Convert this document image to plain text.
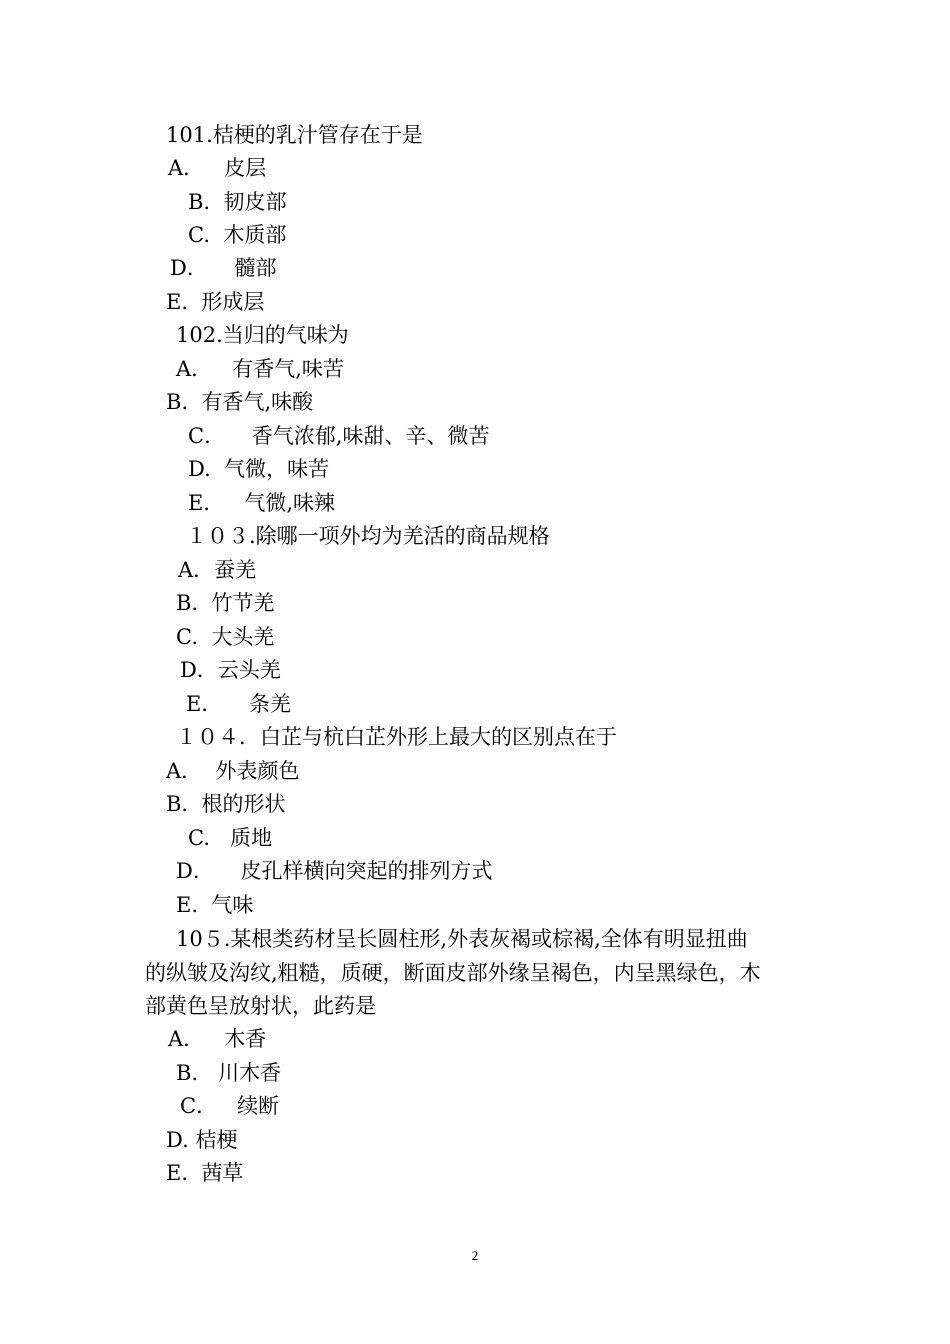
101.桔梗的乳汁管存在于是
A．   皮层
B.  韧皮部
C.  木质部
D．    髓部
E.  形成层
102.当归的气味为
A．   有香气,味苦
B.  有香气,味酸
C．    香气浓郁,味甜、辛、微苦
D.  气微，味苦
E．   气微,味辣
１０３.除哪一项外均为羌活的商品规格
A．蚕羌
B.  竹节羌
C.  大头羌
D．云头羌
E．    条羌
１０４．白芷与杭白芷外形上最大的区别点在于
A．  外表颜色
B.  根的形状
C.   质地
D．    皮孔样横向突起的排列方式
E.  气味
10５.某根类药材呈长圆柱形,外表灰褐或棕褐,全体有明显扭曲
的纵皱及沟纹,粗糙，质硬，断面皮部外缘呈褐色，内呈黑绿色，木
部黄色呈放射状，此药是
A．   木香
B.   川木香
C．   续断
D. 桔梗
E.  茜草
2
